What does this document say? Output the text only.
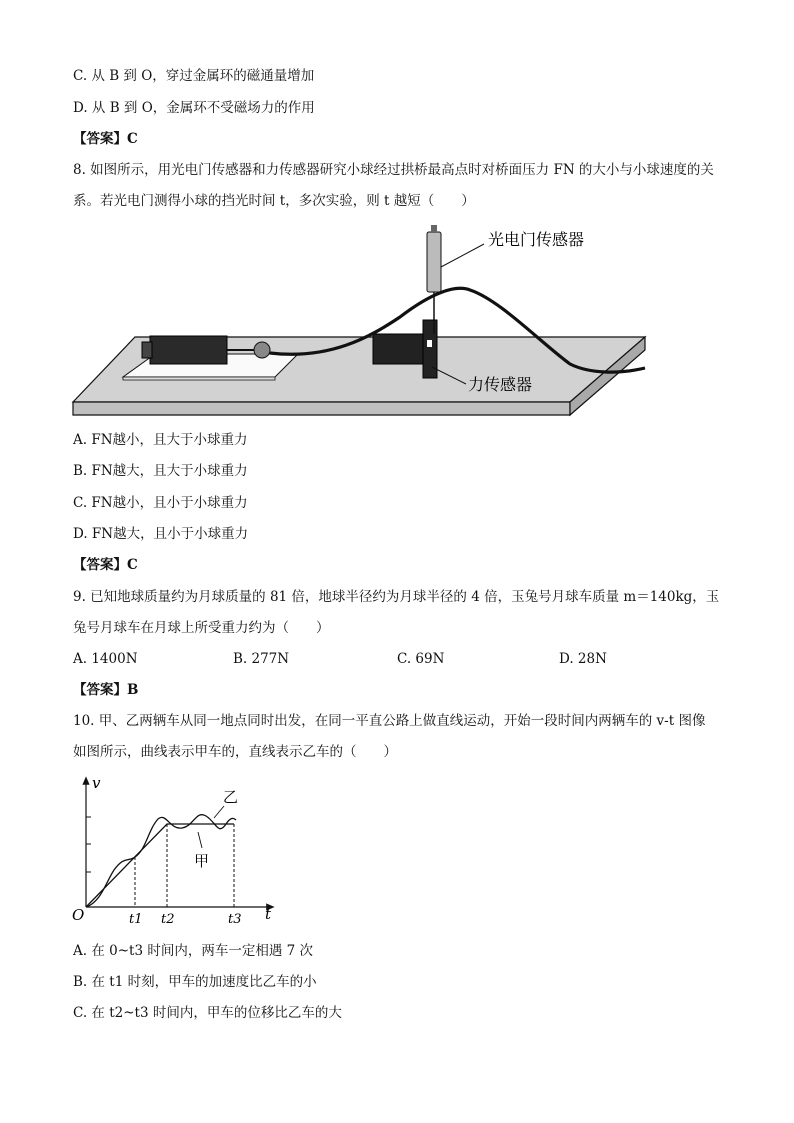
C. 从 B 到 O，穿过金属环的磁通量增加
D. 从 B 到 O，金属环不受磁场力的作用
【答案】C
8. 如图所示，用光电门传感器和力传感器研究小球经过拱桥最高点时对桥面压力 FN 的大小与小球速度的关
系。若光电门测得小球的挡光时间 t，多次实验，则 t 越短（　　）
光电门传感器
力传感器
A. FN越小，且大于小球重力
B. FN越大，且大于小球重力
C. FN越小，且小于小球重力
D. FN越大，且小于小球重力
【答案】C
9. 已知地球质量约为月球质量的 81 倍，地球半径约为月球半径的 4 倍，玉兔号月球车质量 m＝140kg，玉
兔号月球车在月球上所受重力约为（　　）
A. 1400N	B. 277N	C. 69N	D. 28N
【答案】B
10. 甲、乙两辆车从同一地点同时出发，在同一平直公路上做直线运动，开始一段时间内两辆车的 v-t 图像
如图所示，曲线表示甲车的，直线表示乙车的（　　）
v
t
O	t1 t2	t3
乙
甲
A. 在 0~t3 时间内，两车一定相遇 7 次
B. 在 t1 时刻，甲车的加速度比乙车的小
C. 在 t2~t3 时间内，甲车的位移比乙车的大
